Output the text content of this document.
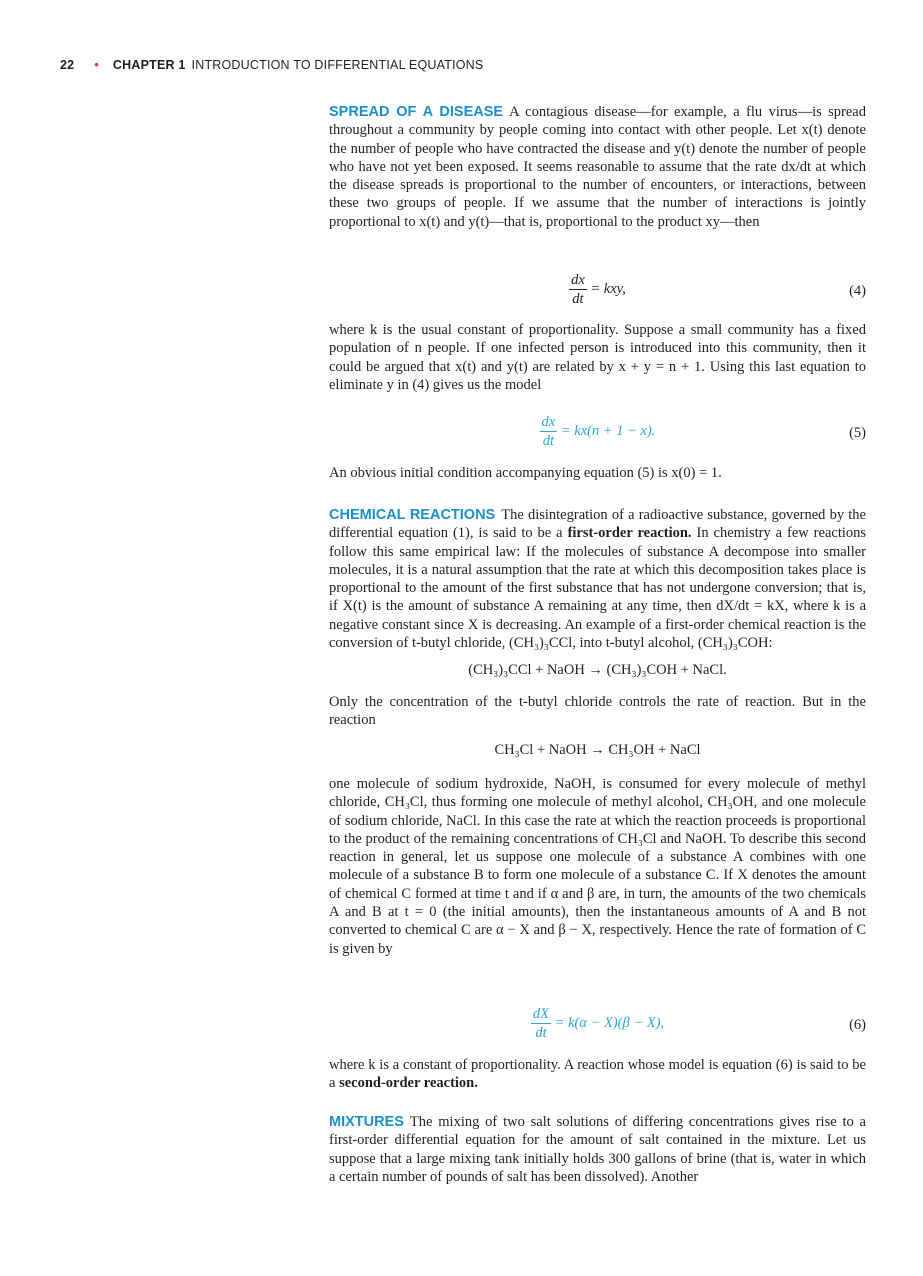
22 • CHAPTER 1 INTRODUCTION TO DIFFERENTIAL EQUATIONS

SPREAD OF A DISEASE A contagious disease—for example, a flu virus—is spread throughout a community by people coming into contact with other people. Let x(t) denote the number of people who have contracted the disease and y(t) denote the number of people who have not yet been exposed. It seems reasonable to assume that the rate dx/dt at which the disease spreads is proportional to the number of encounters, or interactions, between these two groups of people. If we assume that the number of interactions is jointly proportional to x(t) and y(t)—that is, proportional to the product xy—then

$\frac{dx}{dt}$ = kxy,	(4)

where k is the usual constant of proportionality. Suppose a small community has a fixed population of n people. If one infected person is introduced into this community, then it could be argued that x(t) and y(t) are related by x + y = n + 1. Using this last equation to eliminate y in (4) gives us the model

$\frac{dx}{dt} = kx(n + 1 - x)$.	(5)

An obvious initial condition accompanying equation (5) is x(0) = 1.

CHEMICAL REACTIONS The disintegration of a radioactive substance, governed by the differential equation (1), is said to be a first-order reaction. In chemistry a few reactions follow this same empirical law: If the molecules of substance A decompose into smaller molecules, it is a natural assumption that the rate at which this decomposition takes place is proportional to the amount of the first substance that has not undergone conversion; that is, if X(t) is the amount of substance A remaining at any time, then dX/dt = kX, where k is a negative constant since X is decreasing. An example of a first-order chemical reaction is the conversion of t-butyl chloride, (CH₃)₃CCl, into t-butyl alcohol, (CH₃)₃COH:

(CH₃)₃CCl + NaOH → (CH₃)₃COH + NaCl.

Only the concentration of the t-butyl chloride controls the rate of reaction. But in the reaction

CH₃Cl + NaOH → CH₃OH + NaCl

one molecule of sodium hydroxide, NaOH, is consumed for every molecule of methyl chloride, CH₃Cl, thus forming one molecule of methyl alcohol, CH₃OH, and one molecule of sodium chloride, NaCl. In this case the rate at which the reaction proceeds is proportional to the product of the remaining concentrations of CH₃Cl and NaOH. To describe this second reaction in general, let us suppose one molecule of a substance A combines with one molecule of a substance B to form one molecule of a substance C. If X denotes the amount of chemical C formed at time t and if α and β are, in turn, the amounts of the two chemicals A and B at t = 0 (the initial amounts), then the instantaneous amounts of A and B not converted to chemical C are α − X and β − X, respectively. Hence the rate of formation of C is given by

$\frac{dX}{dt} = k(\alpha - X)(\beta - X)$,	(6)

where k is a constant of proportionality. A reaction whose model is equation (6) is said to be a second-order reaction.

MIXTURES The mixing of two salt solutions of differing concentrations gives rise to a first-order differential equation for the amount of salt contained in the mixture. Let us suppose that a large mixing tank initially holds 300 gallons of brine (that is, water in which a certain number of pounds of salt has been dissolved). Another
